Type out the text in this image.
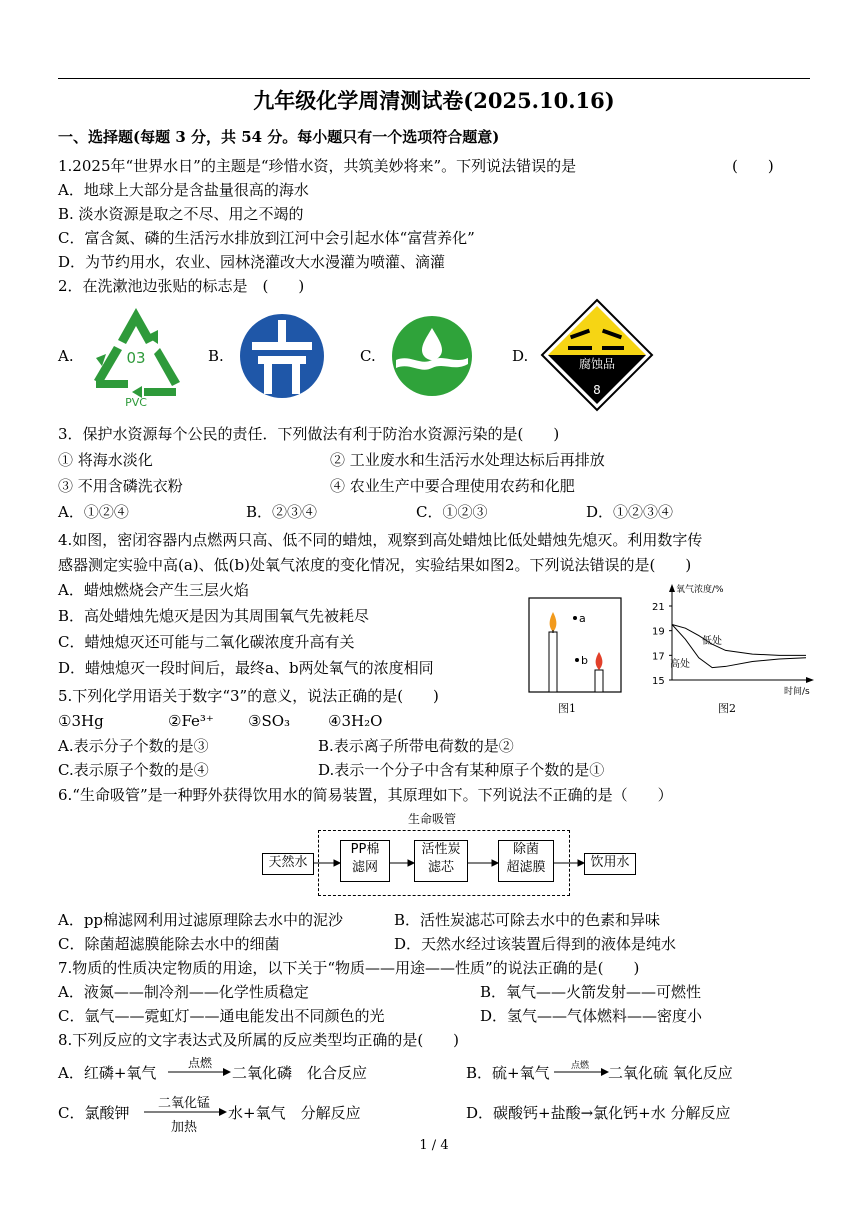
九年级化学周清测试卷(2025.10.16)
一、选择题(每题 3 分，共 54 分。每小题只有一个选项符合题意)
1.2025年“世界水日”的主题是“珍惜水资，共筑美妙将来”。下列说法错误的是	(　　)
A．地球上大部分是含盐量很高的海水
B. 淡水资源是取之不尽、用之不竭的
C．富含氮、磷的生活污水排放到江河中会引起水体“富营养化”
D．为节约用水，农业、园林浇灌改大水漫灌为喷灌、滴灌
2．在洗漱池边张贴的标志是　(　　)
A.	03
PVC
B.	C.	D.	腐蚀品
8
3．保护水资源每个公民的责任．下列做法有利于防治水资源污染的是(　　)
① 将海水淡化	② 工业废水和生活污水处理达标后再排放
③ 不用含磷洗衣粉	④ 农业生产中要合理使用农药和化肥
A．①②④	B．②③④	C．①②③	D．①②③④
4.如图，密闭容器内点燃两只高、低不同的蜡烛，观察到高处蜡烛比低处蜡烛先熄灭。利用数字传
感器测定实验中高(a)、低(b)处氧气浓度的变化情况，实验结果如图2。下列说法错误的是(　　)
A．蜡烛燃烧会产生三层火焰
B．高处蜡烛先熄灭是因为其周围氧气先被耗尽
C．蜡烛熄灭还可能与二氧化碳浓度升高有关
D．蜡烛熄灭一段时间后，最终a、b两处氧气的浓度相同
a
b
图1
氧气浓度/%
时间/s
21
19
17
15
低处
高处
图2
5.下列化学用语关于数字“3”的意义，说法正确的是(　　)
①3Hg	②Fe³⁺ ③SO₃	④3H₂O
A.表示分子个数的是③	B.表示离子所带电荷数的是②
C.表示原子个数的是④	D.表示一个分子中含有某种原子个数的是①
6.“生命吸管”是一种野外获得饮用水的简易装置，其原理如下。下列说法不正确的是（　　）
生命吸管
天然水
PP棉
滤网
活性炭
滤芯
除菌
超滤膜	饮用水
A．pp棉滤网利用过滤原理除去水中的泥沙	B．活性炭滤芯可除去水中的色素和异味
C．除菌超滤膜能除去水中的细菌	D．天然水经过该装置后得到的液体是纯水
7.物质的性质决定物质的用途，以下关于“物质——用途——性质”的说法正确的是(　　)
A．液氮——制冷剂——化学性质稳定	B．氧气——火箭发射——可燃性
C．氩气——霓虹灯——通电能发出不同颜色的光	D．氢气——气体燃料——密度小
8.下列反应的文字表达式及所属的反应类型均正确的是(　　)
A．红磷+氧气
点燃
二氧化磷　化合反应	B．硫+氧气	点燃	二氧化硫 氧化反应
C．氯酸钾
二氧化锰
加热
水+氧气　分解反应	D．碳酸钙+盐酸→氯化钙+水 分解反应
1 / 4
